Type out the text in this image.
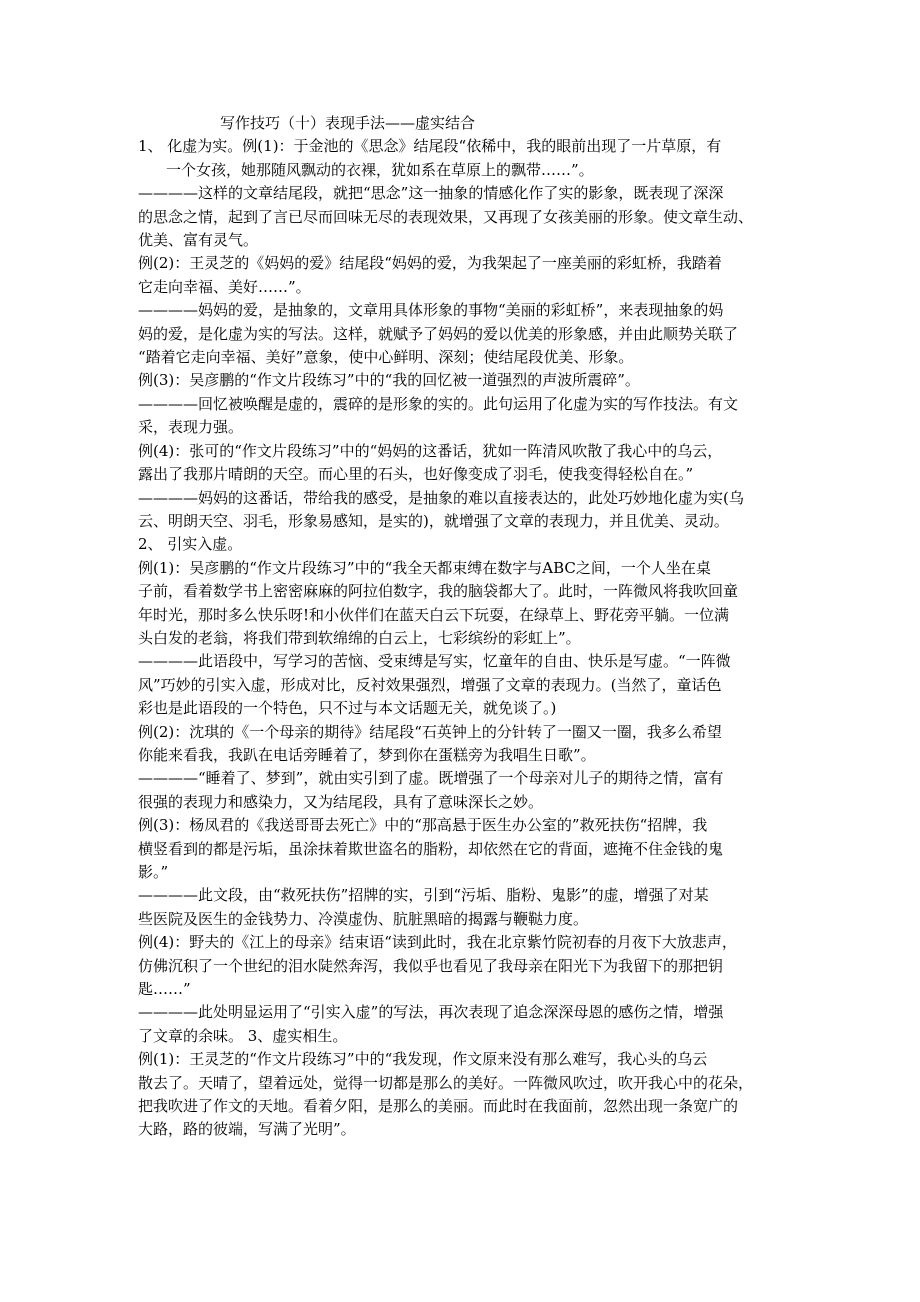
写作技巧（十）表现手法——虚实结合
1、 化虚为实。例(1)：于金池的《思念》结尾段“依稀中，我的眼前出现了一片草原，有
一个女孩，她那随风飘动的衣裸，犹如系在草原上的飘带……”。
————这样的文章结尾段，就把“思念”这一抽象的情感化作了实的影象，既表现了深深
的思念之情，起到了言已尽而回味无尽的表现效果，又再现了女孩美丽的形象。使文章生动、
优美、富有灵气。
例(2)：王灵芝的《妈妈的爱》结尾段“妈妈的爱，为我架起了一座美丽的彩虹桥，我踏着
它走向幸福、美好……”。
————妈妈的爱，是抽象的，文章用具体形象的事物“美丽的彩虹桥”，来表现抽象的妈
妈的爱，是化虚为实的写法。这样，就赋予了妈妈的爱以优美的形象感，并由此顺势关联了
“踏着它走向幸福、美好”意象，使中心鲜明、深刻；使结尾段优美、形象。
例(3)：吴彦鹏的“作文片段练习”中的“我的回忆被一道强烈的声波所震碎”。
————回忆被唤醒是虚的，震碎的是形象的实的。此句运用了化虚为实的写作技法。有文
采，表现力强。
例(4)：张可的“作文片段练习”中的“妈妈的这番话，犹如一阵清风吹散了我心中的乌云，
露出了我那片晴朗的天空。而心里的石头，也好像变成了羽毛，使我变得轻松自在。”
————妈妈的这番话，带给我的感受，是抽象的难以直接表达的，此处巧妙地化虚为实(乌
云、明朗天空、羽毛，形象易感知，是实的)，就增强了文章的表现力，并且优美、灵动。
2、 引实入虚。
例(1)：吴彦鹏的“作文片段练习”中的“我全天都束缚在数字与ABC之间，一个人坐在桌
子前，看着数学书上密密麻麻的阿拉伯数字，我的脑袋都大了。此时，一阵微风将我吹回童
年时光，那时多么快乐呀!和小伙伴们在蓝天白云下玩耍，在绿草上、野花旁平躺。一位满
头白发的老翁，将我们带到软绵绵的白云上，七彩缤纷的彩虹上”。
————此语段中，写学习的苦恼、受束缚是写实，忆童年的自由、快乐是写虚。“一阵微
风”巧妙的引实入虚，形成对比，反衬效果强烈，增强了文章的表现力。(当然了，童话色
彩也是此语段的一个特色，只不过与本文话题无关，就免谈了。)
例(2)：沈琪的《一个母亲的期待》结尾段“石英钟上的分针转了一圈又一圈，我多么希望
你能来看我，我趴在电话旁睡着了，梦到你在蛋糕旁为我唱生日歌”。
————“睡着了、梦到”，就由实引到了虚。既增强了一个母亲对儿子的期待之情，富有
很强的表现力和感染力，又为结尾段，具有了意味深长之妙。
例(3)：杨凤君的《我送哥哥去死亡》中的“那高悬于医生办公室的”救死扶伤“招牌，我
横竖看到的都是污垢，虽涂抹着欺世盗名的脂粉，却依然在它的背面，遮掩不住金钱的鬼
影。”
————此文段，由“救死扶伤”招牌的实，引到“污垢、脂粉、鬼影”的虚，增强了对某
些医院及医生的金钱势力、冷漠虚伪、肮脏黑暗的揭露与鞭鞑力度。
例(4)：野夫的《江上的母亲》结束语“读到此时，我在北京紫竹院初春的月夜下大放悲声，
仿佛沉积了一个世纪的泪水陡然奔泻，我似乎也看见了我母亲在阳光下为我留下的那把钥
匙……”
————此处明显运用了“引实入虚”的写法，再次表现了追念深深母恩的感伤之情，增强
了文章的余味。 3、虚实相生。
例(1)：王灵芝的“作文片段练习”中的“我发现，作文原来没有那么难写，我心头的乌云
散去了。天晴了，望着远处，觉得一切都是那么的美好。一阵微风吹过，吹开我心中的花朵，
把我吹进了作文的天地。看着夕阳，是那么的美丽。而此时在我面前，忽然出现一条宽广的
大路，路的彼端，写满了光明”。
